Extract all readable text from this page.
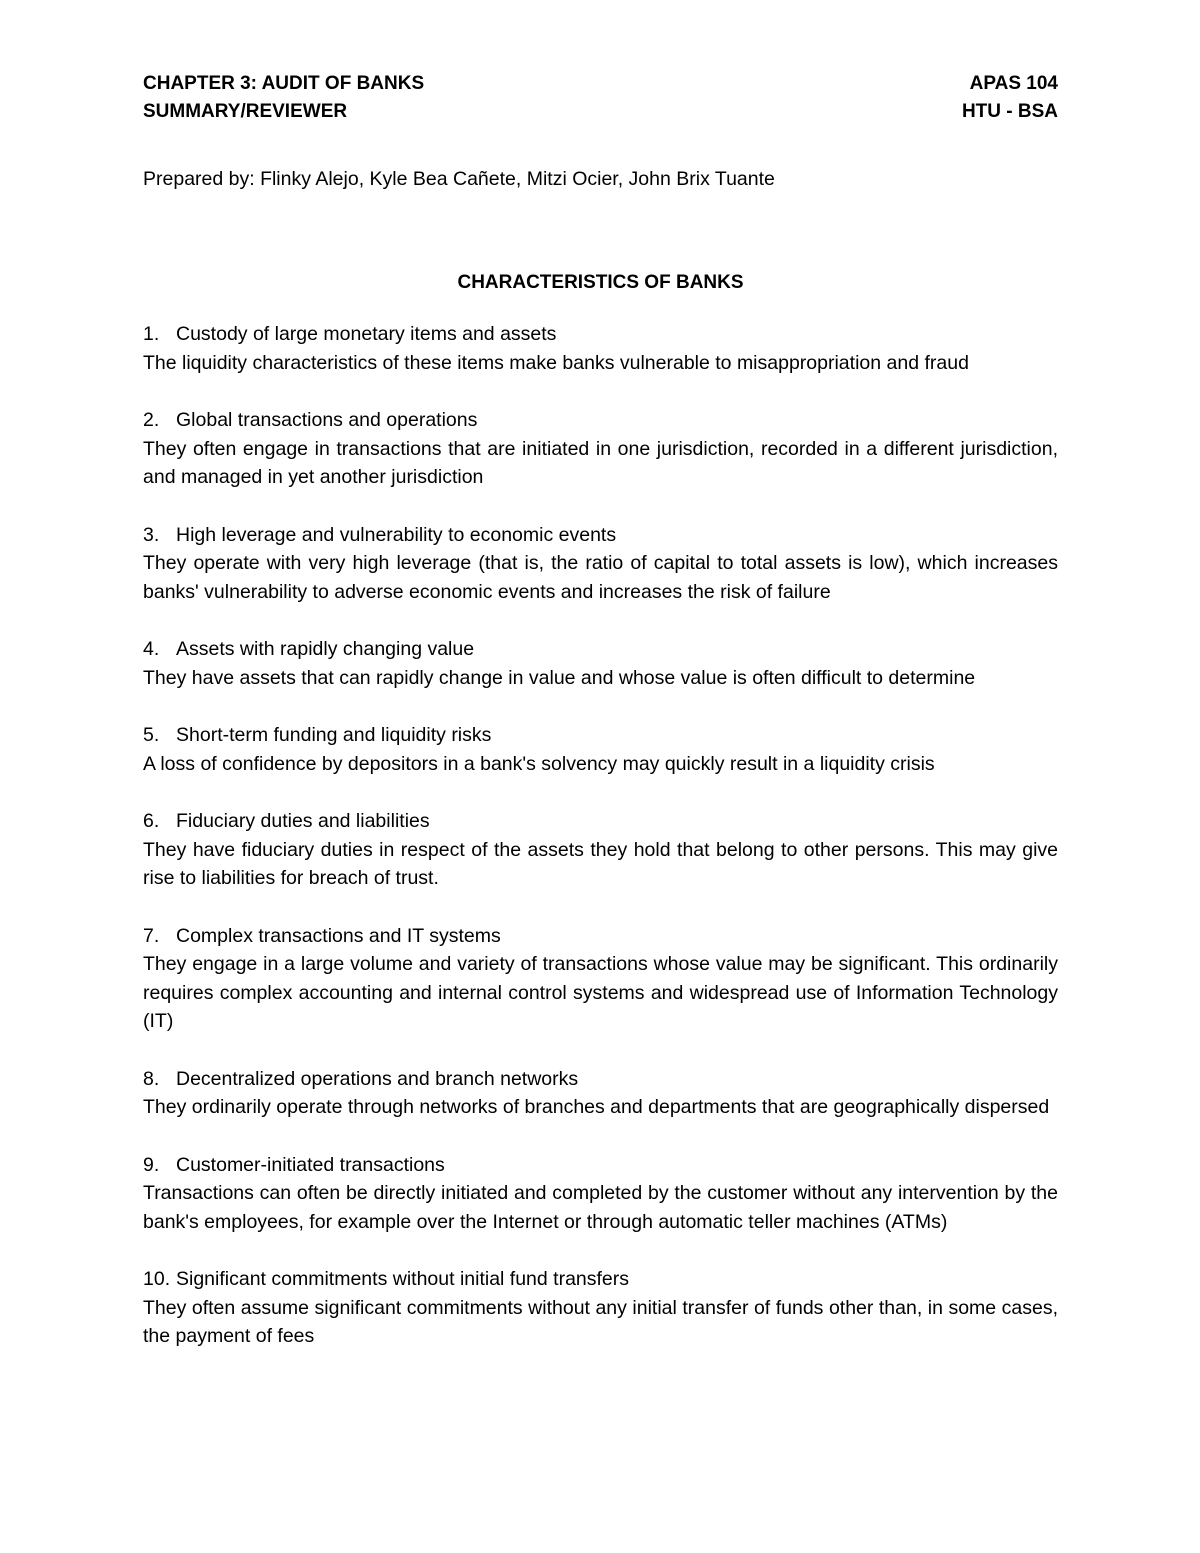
CHAPTER 3: AUDIT OF BANKS	APAS 104
SUMMARY/REVIEWER	HTU - BSA
Prepared by: Flinky Alejo, Kyle Bea Cañete, Mitzi Ocier, John Brix Tuante
CHARACTERISTICS OF BANKS
1. Custody of large monetary items and assets
The liquidity characteristics of these items make banks vulnerable to misappropriation and fraud
2. Global transactions and operations
They often engage in transactions that are initiated in one jurisdiction, recorded in a different jurisdiction, and managed in yet another jurisdiction
3. High leverage and vulnerability to economic events
They operate with very high leverage (that is, the ratio of capital to total assets is low), which increases banks' vulnerability to adverse economic events and increases the risk of failure
4. Assets with rapidly changing value
They have assets that can rapidly change in value and whose value is often difficult to determine
5. Short-term funding and liquidity risks
A loss of confidence by depositors in a bank's solvency may quickly result in a liquidity crisis
6. Fiduciary duties and liabilities
They have fiduciary duties in respect of the assets they hold that belong to other persons. This may give rise to liabilities for breach of trust.
7. Complex transactions and IT systems
They engage in a large volume and variety of transactions whose value may be significant. This ordinarily requires complex accounting and internal control systems and widespread use of Information Technology (IT)
8. Decentralized operations and branch networks
They ordinarily operate through networks of branches and departments that are geographically dispersed
9. Customer-initiated transactions
Transactions can often be directly initiated and completed by the customer without any intervention by the bank's employees, for example over the Internet or through automatic teller machines (ATMs)
10. Significant commitments without initial fund transfers
They often assume significant commitments without any initial transfer of funds other than, in some cases, the payment of fees
